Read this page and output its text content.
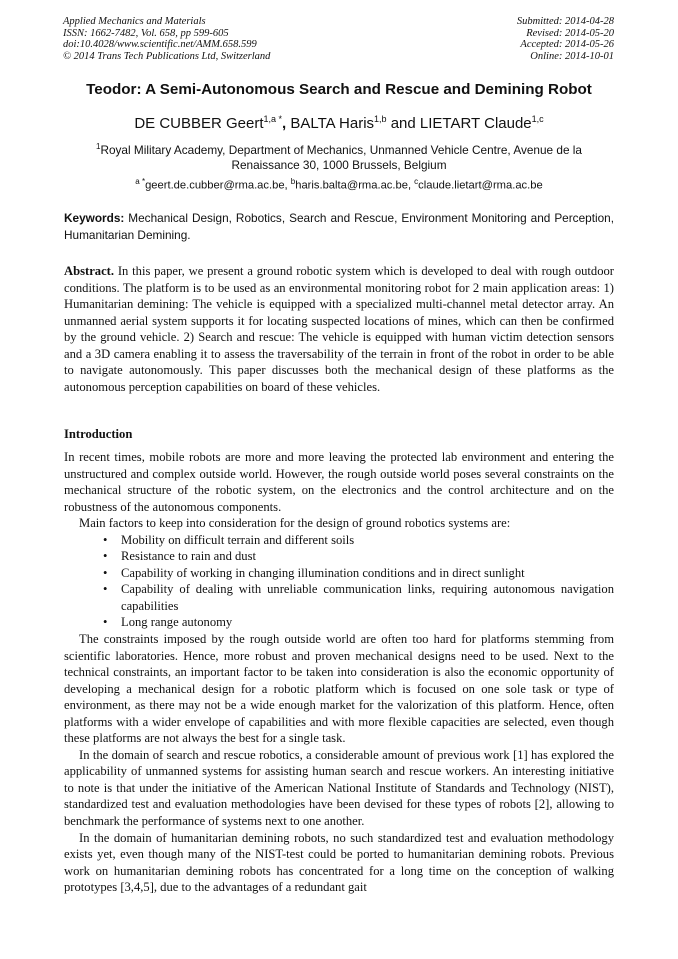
Applied Mechanics and Materials
ISSN: 1662-7482, Vol. 658, pp 599-605
doi:10.4028/www.scientific.net/AMM.658.599
© 2014 Trans Tech Publications Ltd, Switzerland
Submitted: 2014-04-28
Revised: 2014-05-20
Accepted: 2014-05-26
Online: 2014-10-01
Teodor: A Semi-Autonomous Search and Rescue and Demining Robot
DE CUBBER Geert$^{1,a *}$, BALTA Haris$^{1,b}$ and LIETART Claude$^{1,c}$
$^1$Royal Military Academy, Department of Mechanics, Unmanned Vehicle Centre, Avenue de la Renaissance 30, 1000 Brussels, Belgium
$^{a *}$geert.de.cubber@rma.ac.be, $^b$haris.balta@rma.ac.be, $^c$claude.lietart@rma.ac.be
Keywords: Mechanical Design, Robotics, Search and Rescue, Environment Monitoring and Perception, Humanitarian Demining.
Abstract. In this paper, we present a ground robotic system which is developed to deal with rough outdoor conditions. The platform is to be used as an environmental monitoring robot for 2 main application areas: 1) Humanitarian demining: The vehicle is equipped with a specialized multi-channel metal detector array. An unmanned aerial system supports it for locating suspected locations of mines, which can then be confirmed by the ground vehicle. 2) Search and rescue: The vehicle is equipped with human victim detection sensors and a 3D camera enabling it to assess the traversability of the terrain in front of the robot in order to be able to navigate autonomously. This paper discusses both the mechanical design of these platforms as the autonomous perception capabilities on board of these vehicles.
Introduction

In recent times, mobile robots are more and more leaving the protected lab environment and entering the unstructured and complex outside world. However, the rough outside world poses several constraints on the mechanical structure of the robotic system, on the electronics and the control architecture and on the robustness of the autonomous components.

Main factors to keep into consideration for the design of ground robotics systems are:

• Mobility on difficult terrain and different soils
• Resistance to rain and dust
• Capability of working in changing illumination conditions and in direct sunlight
• Capability of dealing with unreliable communication links, requiring autonomous navigation capabilities
• Long range autonomy

The constraints imposed by the rough outside world are often too hard for platforms stemming from scientific laboratories. Hence, more robust and proven mechanical designs need to be used. Next to the technical constraints, an important factor to be taken into consideration is also the economic opportunity of developing a mechanical design for a robotic platform which is focused on one sole task or type of environment, as there may not be a wide enough market for the valorization of this platform. Hence, often platforms with a wider envelope of capabilities and with more flexible capacities are selected, even though these platforms are not always the best for a single task.

In the domain of search and rescue robotics, a considerable amount of previous work [1] has explored the applicability of unmanned systems for assisting human search and rescue workers. An interesting initiative to note is that under the initiative of the American National Institute of Standards and Technology (NIST), standardized test and evaluation methodologies have been devised for these types of robots [2], allowing to benchmark the performance of systems next to one another.

In the domain of humanitarian demining robots, no such standardized test and evaluation methodology exists yet, even though many of the NIST-test could be ported to humanitarian demining robots. Previous work on humanitarian demining robots has concentrated for a long time on the conception of walking prototypes [3,4,5], due to the advantages of a redundant gait
